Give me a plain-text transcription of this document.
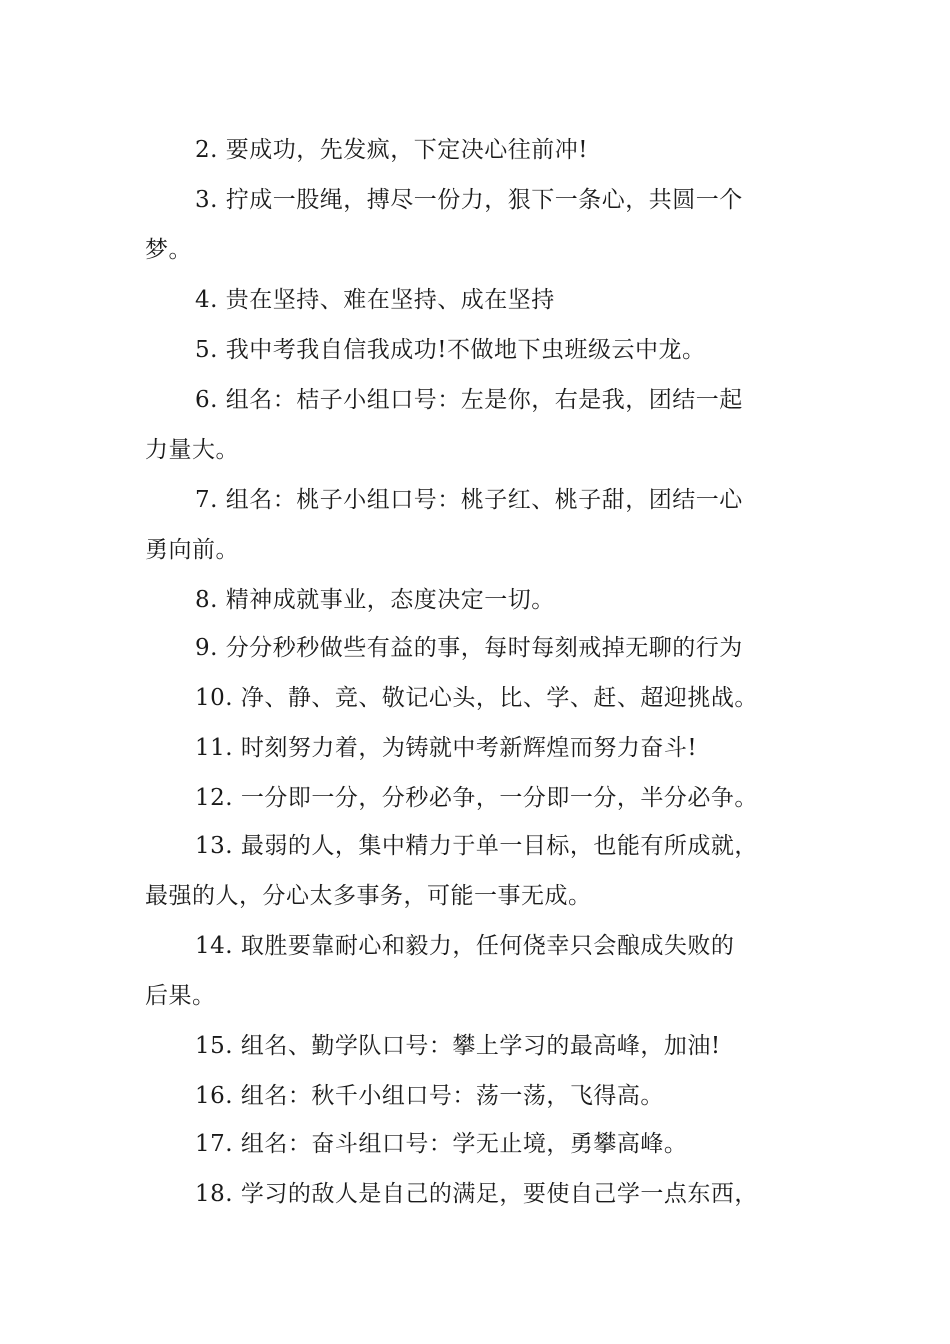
2. 要成功，先发疯，下定决心往前冲!
3. 拧成一股绳，搏尽一份力，狠下一条心，共圆一个
梦。
4. 贵在坚持、难在坚持、成在坚持
5. 我中考我自信我成功!不做地下虫班级云中龙。
6. 组名：桔子小组口号：左是你，右是我，团结一起
力量大。
7. 组名：桃子小组口号：桃子红、桃子甜，团结一心
勇向前。
8. 精神成就事业，态度决定一切。
9. 分分秒秒做些有益的事，每时每刻戒掉无聊的行为
10. 净、静、竞、敬记心头，比、学、赶、超迎挑战。
11. 时刻努力着，为铸就中考新辉煌而努力奋斗!
12. 一分即一分，分秒必争，一分即一分，半分必争。
13. 最弱的人，集中精力于单一目标，也能有所成就，
最强的人，分心太多事务，可能一事无成。
14. 取胜要靠耐心和毅力，任何侥幸只会酿成失败的
后果。
15. 组名、勤学队口号：攀上学习的最高峰，加油!
16. 组名：秋千小组口号：荡一荡，飞得高。
17. 组名：奋斗组口号：学无止境，勇攀高峰。
18. 学习的敌人是自己的满足，要使自己学一点东西，
